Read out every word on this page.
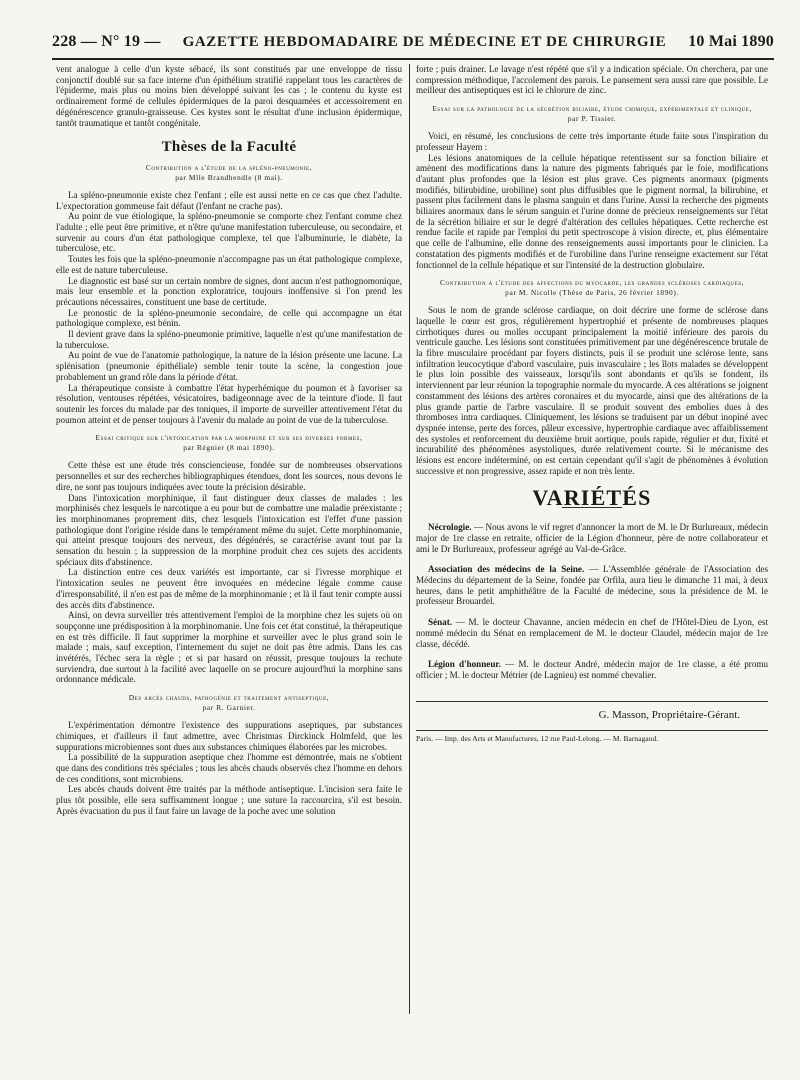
228 — N° 19 — GAZETTE HEBDOMADAIRE DE MÉDECINE ET DE CHIRURGIE 10 Mai 1890

vent analogue à celle d'un kyste sébacé, ils sont constitués par une enveloppe de tissu conjonctif doublé sur sa face interne d'un épithélium stratifié rappelant tous les caractères de l'épiderme, mais plus ou moins bien développé suivant les cas ; le contenu du kyste est ordinairement formé de cellules épidermiques de la paroi desquamées et accessoirement en dégénérescence granulo-graisseuse. Ces kystes sont le résultat d'une inclusion épidermique, tantôt traumatique et tantôt congénitale.

Thèses de la Faculté
Contribution a l'étude de la spléno-pneumonie,
par Mlle Brandhendle (8 mai).

La spléno-pneumonie existe chez l'enfant ; elle est aussi nette en ce cas que chez l'adulte. L'expectoration gommeuse fait défaut (l'enfant ne crache pas).

Au point de vue étiologique, la spléno-pneumonie se comporte chez l'enfant comme chez l'adulte ; elle peut être primitive, et n'être qu'une manifestation tuberculeuse, ou secondaire, et survenir au cours d'un état pathologique complexe, tel que l'albuminurie, le diabète, la tuberculose, etc.

Toutes les fois que la spléno-pneumonie n'accompagne pas un état pathologique complexe, elle est de nature tuberculeuse.

Le diagnostic est basé sur un certain nombre de signes, dont aucun n'est pathognomonique, mais leur ensemble et la ponction exploratrice, toujours inoffensive si l'on prend les précautions nécessaires, constituent une base de certitude.

Le pronostic de la spléno-pneumonie secondaire, de celle qui accompagne un état pathologique complexe, est bénin.

Il devient grave dans la spléno-pneumonie primitive, laquelle n'est qu'une manifestation de la tuberculose.

Au point de vue de l'anatomie pathologique, la nature de la lésion présente une lacune. La splénisation (pneumonie épithéliale) semble tenir toute la scène, la congestion joue probablement un grand rôle dans la période d'état.

La thérapeutique consiste à combattre l'état hyperhémique du poumon et à favoriser sa résolution, ventouses répétées, vésicatoires, badigeonnage avec de la teinture d'iode. Il faut soutenir les forces du malade par des toniques, il importe de surveiller attentivement l'état du poumon atteint et de penser toujours à l'avenir du malade au point de vue de la tuberculose.

Essai critique sur l'intoxication par la morphine et sur ses diverses formes,
par Régnier (8 mai 1890).

Cette thèse est une étude très consciencieuse, fondée sur de nombreuses observations personnelles et sur des recherches bibliographiques étendues, dont les sources, nous devons le dire, ne sont pas toujours indiquées avec toute la précision désirable.

Dans l'intoxication morphinique, il faut distinguer deux classes de malades : les morphinisés chez lesquels le narcotique a eu pour but de combattre une maladie préexistante ; les morphinomanes proprement dits, chez lesquels l'intoxication est l'effet d'une passion pathologique dont l'origine réside dans le tempérament même du sujet. Cette morphinomanie, qui atteint presque toujours des nerveux, des dégénérés, se caractérise avant tout par la sensation du besoin ; la suppression de la morphine produit chez ces sujets des accidents spéciaux dits d'abstinence.

La distinction entre ces deux variétés est importante, car si l'ivresse morphique et l'intoxication seules ne peuvent être invoquées en médecine légale comme cause d'irresponsabilité, il n'en est pas de même de la morphinomanie ; et là il faut tenir compte aussi des accès dits d'abstinence.

Ainsi, on devra surveiller très attentivement l'emploi de la morphine chez les sujets où on soupçonne une prédisposition à la morphinomanie. Une fois cet état constitué, la thérapeutique en est très difficile. Il faut supprimer la morphine et surveiller avec le plus grand soin le malade ; mais, sauf exception, l'internement du sujet ne doit pas être admis. Dans les cas invétérés, l'échec sera la règle ; et si par hasard on réussit, presque toujours la rechute surviendra, due surtout à la facilité avec laquelle on se procure aujourd'hui la morphine sans ordonnance médicale.

Des abcès chauds, pathogénie et traitement antiseptique,
par R. Garnier.

L'expérimentation démontre l'existence des suppurations aseptiques, par substances chimiques, et d'ailleurs il faut admettre, avec Christmas Dirckinck Holmfeld, que les suppurations microbiennes sont dues aux substances chimiques élaborées par les microbes.

La possibilité de la suppuration aseptique chez l'homme est démontrée, mais ne s'obtient que dans des conditions très spéciales ; tous les abcès chauds observés chez l'homme en dehors de ces conditions, sont microbiens.

Les abcès chauds doivent être traités par la méthode antiseptique. L'incision sera faite le plus tôt possible, elle sera suffisamment longue ; une suture la raccourcira, s'il est besoin. Après évacuation du pus il faut faire un lavage de la poche avec une solution

forte ; puis drainer. Le lavage n'est répété que s'il y a indication spéciale. On cherchera, par une compression méthodique, l'accolement des parois. Le pansement sera aussi rare que possible. Le meilleur des antiseptiques est ici le chlorure de zinc.

Essai sur la pathologie de la sécrétion biliaire, étude chimique, expérimentale et clinique,
par P. Tissier.

Voici, en résumé, les conclusions de cette très importante étude faite sous l'inspiration du professeur Hayem :

Les lésions anatomiques de la cellule hépatique retentissent sur sa fonction biliaire et amènent des modifications dans la nature des pigments fabriqués par le foie, modifications d'autant plus profondes que la lésion est plus grave. Ces pigments anormaux (pigments modifiés, bilirubidine, urobiline) sont plus diffusibles que le pigment normal, la bilirubine, et passent plus facilement dans le plasma sanguin et dans l'urine. Aussi la recherche des pigments biliaires anormaux dans le sérum sanguin et l'urine donne de précieux renseignements sur l'état de la sécrétion biliaire et sur le degré d'altération des cellules hépatiques. Cette recherche est rendue facile et rapide par l'emploi du petit spectroscope à vision directe, et, plus élémentaire que celle de l'albumine, elle donne des renseignements aussi importants pour le clinicien. La constatation des pigments modifiés et de l'urobiline dans l'urine renseigne exactement sur l'état fonctionnel de la cellule hépatique et sur l'intensité de la destruction globulaire.

Contribution à l'étude des affections du myocarde, les grandes scléroses cardiaques,
par M. Nicolle (Thèse de Paris, 26 février 1890).

Sous le nom de grande sclérose cardiaque, on doit décrire une forme de sclérose dans laquelle le cœur est gros, régulièrement hypertrophié et présente de nombreuses plaques cirrhotiques dures ou molles occupant principalement la moitié inférieure des parois du ventricule gauche. Les lésions sont constituées primitivement par une dégénérescence brutale de la fibre musculaire procédant par foyers distincts, puis il se produit une sclérose lente, sans infiltration leucocytique d'abord vasculaire, puis invasculaire ; les îlots malades se développent le plus loin possible des vaisseaux, lorsqu'ils sont abondants et qu'ils se fondent, ils interviennent par leur réunion la topographie normale du myocarde. A ces altérations se joignent constamment des lésions des artères coronaires et du myocarde, ainsi que des altérations de la plus grande partie de l'arbre vasculaire. Il se produit souvent des embolies dues à des thromboses intra cardiaques. Cliniquement, les lésions se traduisent par un début inopiné avec dyspnée intense, perte des forces, pâleur excessive, hypertrophie cardiaque avec affaiblissement des systoles et renforcement du deuxième bruit aortique, pouls rapide, régulier et dur, fixité et incurabilité des phénomènes asystoliques, durée relativement courte. Si le mécanisme des lésions est encore indéterminé, on est certain cependant qu'il s'agit de phénomènes à évolution successive et non progressive, assez rapide et non très lente.

VARIÉTÉS

Nécrologie. — Nous avons le vif regret d'annoncer la mort de M. le Dr Burlureaux, médecin major de 1re classe en retraite, officier de la Légion d'honneur, père de notre collaborateur et ami le Dr Burlureaux, professeur agrégé au Val-de-Grâce.

Association des médecins de la Seine. — L'Assemblée générale de l'Association des Médecins du département de la Seine, fondée par Orfila, aura lieu le dimanche 11 mai, à deux heures, dans le petit amphithéâtre de la Faculté de médecine, sous la présidence de M. le professeur Brouardel.

Sénat. — M. le docteur Chavanne, ancien médecin en chef de l'Hôtel-Dieu de Lyon, est nommé médecin du Sénat en remplacement de M. le docteur Claudel, médecin major de 1re classe, décédé.

Légion d'honneur. — M. le docteur André, médecin major de 1re classe, a été promu officier ; M. le docteur Métrier (de Lagnieu) est nommé chevalier.

G. Masson, Propriétaire-Gérant.
Paris. — Imp. des Arts et Manufactures, 12 rue Paul-Lelong. — M. Barnagaud.
